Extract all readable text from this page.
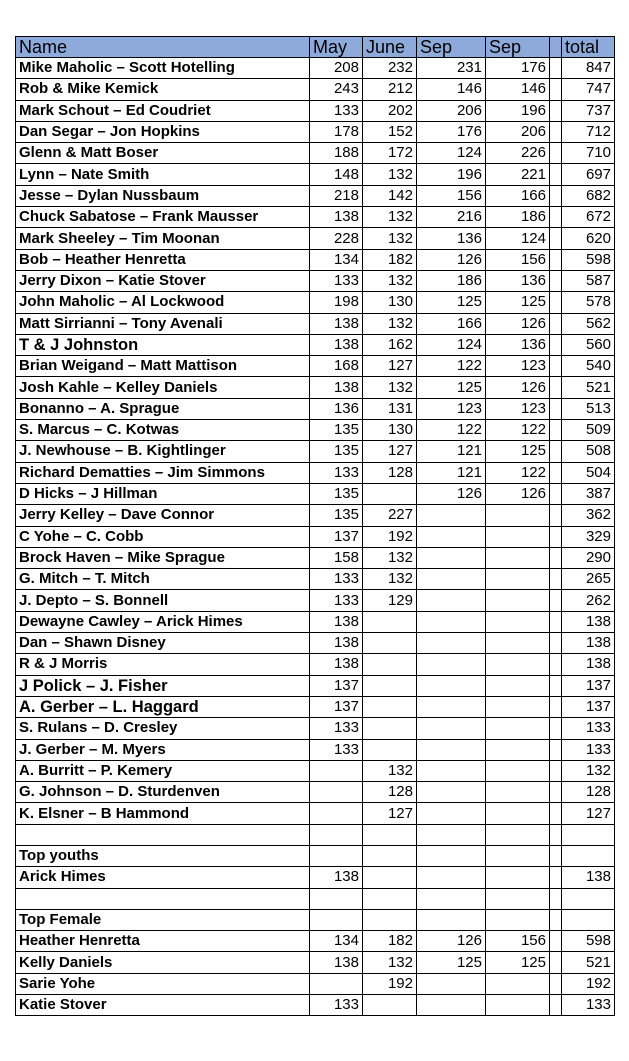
Name	May	June	Sep	Sep		total
Mike Maholic – Scott Hotelling	208	232	231	176		847
Rob & Mike Kemick	243	212	146	146		747
Mark Schout – Ed Coudriet	133	202	206	196		737
Dan Segar – Jon Hopkins	178	152	176	206		712
Glenn & Matt Boser	188	172	124	226		710
Lynn – Nate Smith	148	132	196	221		697
Jesse – Dylan Nussbaum	218	142	156	166		682
Chuck Sabatose – Frank Mausser	138	132	216	186		672
Mark Sheeley – Tim Moonan	228	132	136	124		620
Bob – Heather Henretta	134	182	126	156		598
Jerry Dixon – Katie Stover	133	132	186	136		587
John Maholic – Al Lockwood	198	130	125	125		578
Matt Sirrianni – Tony Avenali	138	132	166	126		562
T & J Johnston	138	162	124	136		560
Brian Weigand – Matt Mattison	168	127	122	123		540
Josh Kahle – Kelley Daniels	138	132	125	126		521
Bonanno – A. Sprague	136	131	123	123		513
S. Marcus – C. Kotwas	135	130	122	122		509
J. Newhouse – B. Kightlinger	135	127	121	125		508
Richard Dematties – Jim Simmons	133	128	121	122		504
D Hicks – J Hillman	135		126	126		387
Jerry Kelley – Dave Connor	135	227				362
C Yohe – C. Cobb	137	192				329
Brock Haven – Mike Sprague	158	132				290
G. Mitch – T. Mitch	133	132				265
J. Depto – S. Bonnell	133	129				262
Dewayne Cawley – Arick Himes	138					138
Dan – Shawn Disney	138					138
R & J Morris	138					138
J Polick – J. Fisher	137					137
A. Gerber – L. Haggard	137					137
S. Rulans – D. Cresley	133					133
J. Gerber – M. Myers	133					133
A. Burritt – P. Kemery		132				132
G. Johnson – D. Sturdenven		128				128
K. Elsner – B Hammond		127				127

Top youths						
Arick Himes	138					138

Top Female						
Heather Henretta	134	182	126	156		598
Kelly Daniels	138	132	125	125		521
Sarie Yohe		192				192
Katie Stover	133					133
